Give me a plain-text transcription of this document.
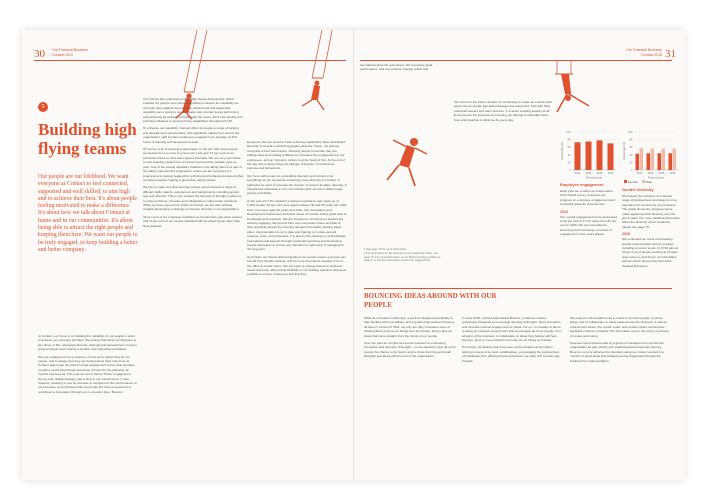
30 Our Financial Business
Contact 2015
5
Building high flying teams

Our people are our lifeblood. We want everyone at Contact to feel connected, supported and well skilled, to aim high and to achieve their best. It's about people feeling motivated to make a difference. It's about how we talk about Contact at home and in our communities. It's about being able to attract the right people and keeping them here. We want our people to be truly engaged, to keep building a better and better company.

At Contact, our focus is on building the capability of our people in order to achieve our company priorities. We believe that living our tikanga is a key driver of this, alongside diversity, learning and development, being a good employer and creating a positive and supportive workplace.

We use engagement as a measure of how we're performing for our people, and to gauge how they are feeling about their roles here at Contact. Each year we hold a formal engagement survey that provides us with a useful benchmark and areas of focus for the following 12 months and beyond. This year we ran a shorter 'Pulse' engagement survey and, disappointingly, saw a drop in our overall score. It was, however, pleasing to see an increase in sentiment in the performance of our business, and it showed that our people felt more empowered to contribute to innovation through our co-creation plan, 'Bounce'.

In FY16 we also undertook a Capability Needs Assessment, which enabled our people and culture specialists to assess the capability we currently have against the technical, behavioural and leadership capability we're going to need to make sure Contact keeps performing and achieving its strategic priorities into the future. We'll now identify and prioritise initiatives to develop those capabilities throughout FY16.

To enhance our capability, Contact offers its people a range of training and development opportunities, with significant uptake from across the organisation, with Contact employees engaged in an average of 10.5 hours of learning and development each.

Of course, a lot of learning is generated 'on the job' with new projects, secondments or a move to a new role. Last year 67 per cent of our permanent hires to roles were placed internally. We are very committed to new learning experiences and have improved the statistic year-on-year. One of the people capability initiatives now taking place is a part of the safety improvement programme, where we are focusing on a programme to support leadership, technical and behavioural aspects that combine towards creating a generative safety culture.

We like to make sure that we have people and processes a range of different skills, talents, experiences and backgrounds including gender, age and ethnicity. This in turn creates the diversity of thought to allow us to solve problems, innovate and collaborate to make better decisions. While we have a good mix of this at Contact, we are also working towards developing a strategy to increase diversity in our organisation.

44 per cent of our employee workforce at Contact last year were women, and 14 per cent of our people identified with an ethnic group other than New Zealand

European. We are proud to have a diverse Leadership Team and Board. Diversity is central to achieving greater diversity. Vision, 'As and we recognise it can't stand alone. Allowing people to feel like they are adding value and making a difference increases the engagement of our employees, and an 'inclusive' culture is at the heart of this. At the end of the day, this is about living our tikanga, principles, commitments, purpose and behaviours.

Our focus will remain on embedding diversity and inclusion into everything we do, as well as enhancing more diversity to Contact. In particular we want to increase the number of women females, diversity of thought and ethnicities in our communities that represent different age groups and ability.

At the end of FY16, Contact's employee workforce was made up of 1,056 people: 52 per cent were aged between 30 and 50 years old, while 8 per cent were aged 60 years and older. Our Generation and Development businesses and other areas of Contact hold a great deal of knowledge and expertise. We are focused on ensuring our leaders are actively engaging risk around their own succession plans and that of their technical experts by ensuring relevant information sharing takes place, documentation is up to date and training is in place around systems, tools, and processes. It is also by the passing on of knowledge and behavioural aspects through coaching/mentoring and developing people and teams to ensure any transition to retirement is managed for the long term.

At Contact, we believe that being fair to our people means everyone can benefit from flexible working, and it's more than about needing to be in the office at certain hours. We are open to change based on business needs and roles. We provide flexibility in our working practices whenever possible to ensure employees feel that they

Our Financial Business
Contact 2015 31

can balance their life and career. We recognise great performance, and our rewards strongly reflect this.

Our focus for the future remains on continuing to create an environment where all our people feel acknowledged and supported, both with their individual careers and team success. It is about creating leaders at all levels across the business so ensuring our tikanga is embedded and lives and breathes in what we do every day.

1 See page 70 for more information.
2 For information on the diversity of our Leadership Team, see page 75. For more information on our Board member profiles on page 5, or see the Governance section on pages 28-40.
100
80
60
40
20
0
Percentage (%)
Financial year
2013 2014 2015 2016

Employee engagement

Each year we conduct an independent AON Hewitt survey to assess our progress on employee engagement and to identify areas for development.

2016

Our overall engagement score decreased to 64 per cent in FY16, down from 82 per cent in 2015. We are committed to improving and increasing our levels of engagement in the years ahead.

100
80
60
40
20
0
Percentage (%)
Financial year
2013 2014 2015 2016
Female	Male

Gender diversity

We believe the inclusion of a diverse range of perspectives and ideas is a key ingredient for success for any business. The graph shows the progress we've made against gender diversity over the last 4 years. For more detailed information about the diversity of our workforce please see page 75.

2016

We continued our trend of increasing female representation across Contact, including at senior levels. In FY16 almost 44 per cent of people working at Contact were women, and 44 per cent identified with an ethnic group other than New Zealand European.

BOUNCING IDEAS AROUND WITH OUR PEOPLE

What do a Contact mobile app, a product designed specifically to help families with new babies, and a geothermal powered brewery all have in common? Well, not only are they innovative ways of thinking about how we do things here at Contact, they're also all ideas that came straight from the minds of our people.

Over the past 12 months we've been focused on embracing innovation and diversity of thought – so we wanted to give all of our people the chance to be heard, and to share their big and small thoughts and ideas with the rest of the organisation.

In early 2015, Contact kick-started Bounce, a pilot co-creation programme designed to encourage diversity of thought, drive innovation, and increase internal engagement on ideas. For us, co-creation is about creating an inclusive environment that encourages all of our people, from all parts of the business, to collaborate on ideas they believe will help improve, grow or even transform the way we do things at Contact.

Put simply, we believe that if we open up the ideation and problem solving process to be more collaborative, encouraging the perspectives of individuals from differing levels and teams, we often find a better way forward.

We used an online platform as a means to connect people, to share ideas, and to collaborate on those ideas across the business. It was an environment where 'the crowd' voted, and a place where constructive feedback could be provided. The best ideas rose to the top by a process of review and voting.

Overseen and implemented by a group of managers from across the organisation as part of their own professional development journey, Bounce not only achieved its intended outcomes, it also resulted in a number of great ideas and initiatives being progressed through the business for implementation.
